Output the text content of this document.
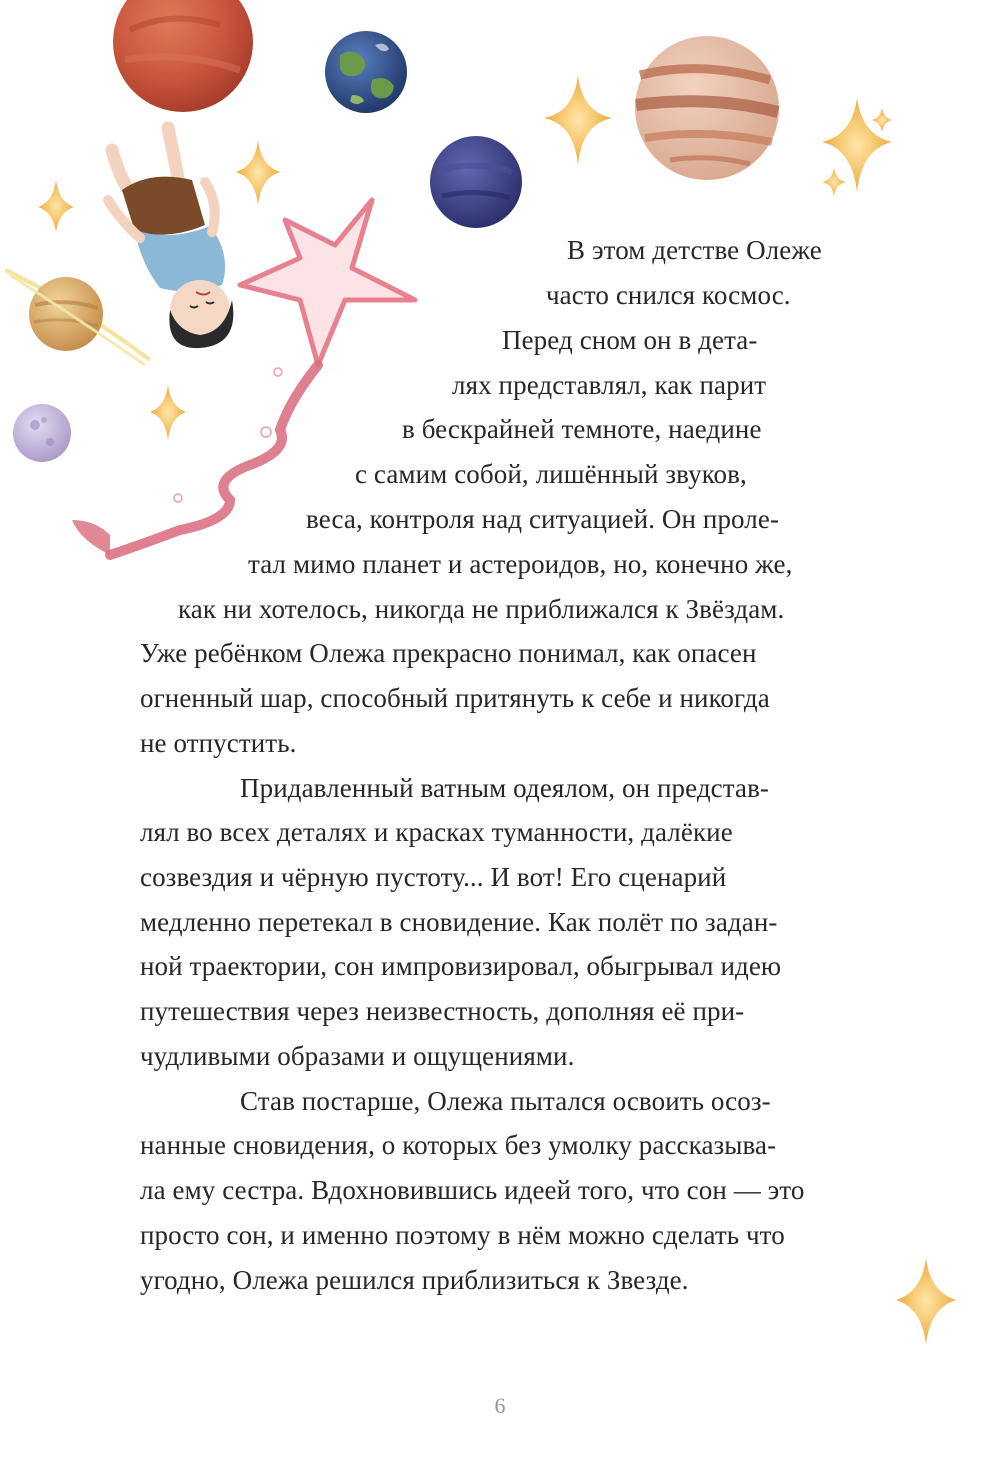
В этом детстве Олеже
часто снился космос.
Перед сном он в дета-
лях представлял, как парит
в бескрайней темноте, наедине
с самим собой, лишённый звуков,
веса, контроля над ситуацией. Он проле-
тал мимо планет и астероидов, но, конечно же,
как ни хотелось, никогда не приближался к Звёздам.
Уже ребёнком Олежа прекрасно понимал, как опасен
огненный шар, способный притянуть к себе и никогда
не отпустить.
Придавленный ватным одеялом, он представ-
лял во всех деталях и красках туманности, далёкие
созвездия и чёрную пустоту... И вот! Его сценарий
медленно перетекал в сновидение. Как полёт по задан-
ной траектории, сон импровизировал, обыгрывал идею
путешествия через неизвестность, дополняя её при-
чудливыми образами и ощущениями.
Став постарше, Олежа пытался освоить осоз-
нанные сновидения, о которых без умолку рассказыва-
ла ему сестра. Вдохновившись идеей того, что сон — это
просто сон, и именно поэтому в нём можно сделать что
угодно, Олежа решился приблизиться к Звезде.
6
